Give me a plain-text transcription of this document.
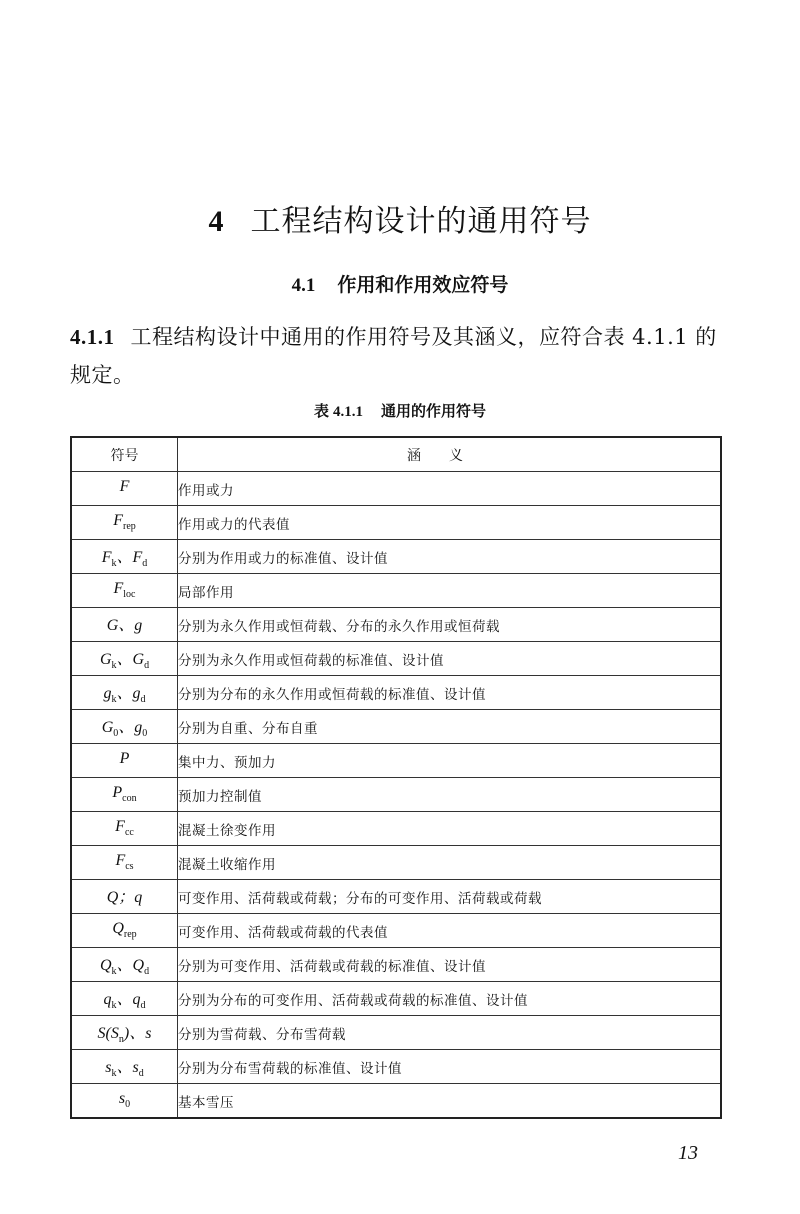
4 工程结构设计的通用符号
4.1 作用和作用效应符号
4.1.1 工程结构设计中通用的作用符号及其涵义，应符合表 4.1.1 的规定。
表 4.1.1 通用的作用符号
符号	涵义
F	作用或力
$F_{rep}$	作用或力的代表值
$F_k$、$F_d$	分别为作用或力的标准值、设计值
$F_{loc}$	局部作用
G、g	分别为永久作用或恒荷载、分布的永久作用或恒荷载
$G_k$、$G_d$	分别为永久作用或恒荷载的标准值、设计值
$g_k$、$g_d$	分别为分布的永久作用或恒荷载的标准值、设计值
$G_0$、$g_0$	分别为自重、分布自重
P	集中力、预加力
$P_{con}$	预加力控制值
$F_{cc}$	混凝土徐变作用
$F_{cs}$	混凝土收缩作用
Q；q	可变作用、活荷载或荷载；分布的可变作用、活荷载或荷载
$Q_{rep}$	可变作用、活荷载或荷载的代表值
$Q_k$、$Q_d$	分别为可变作用、活荷载或荷载的标准值、设计值
$q_k$、$q_d$	分别为分布的可变作用、活荷载或荷载的标准值、设计值
$S(S_n)$、s	分别为雪荷载、分布雪荷载
$s_k$、$s_d$	分别为分布雪荷载的标准值、设计值
$s_0$	基本雪压
13
